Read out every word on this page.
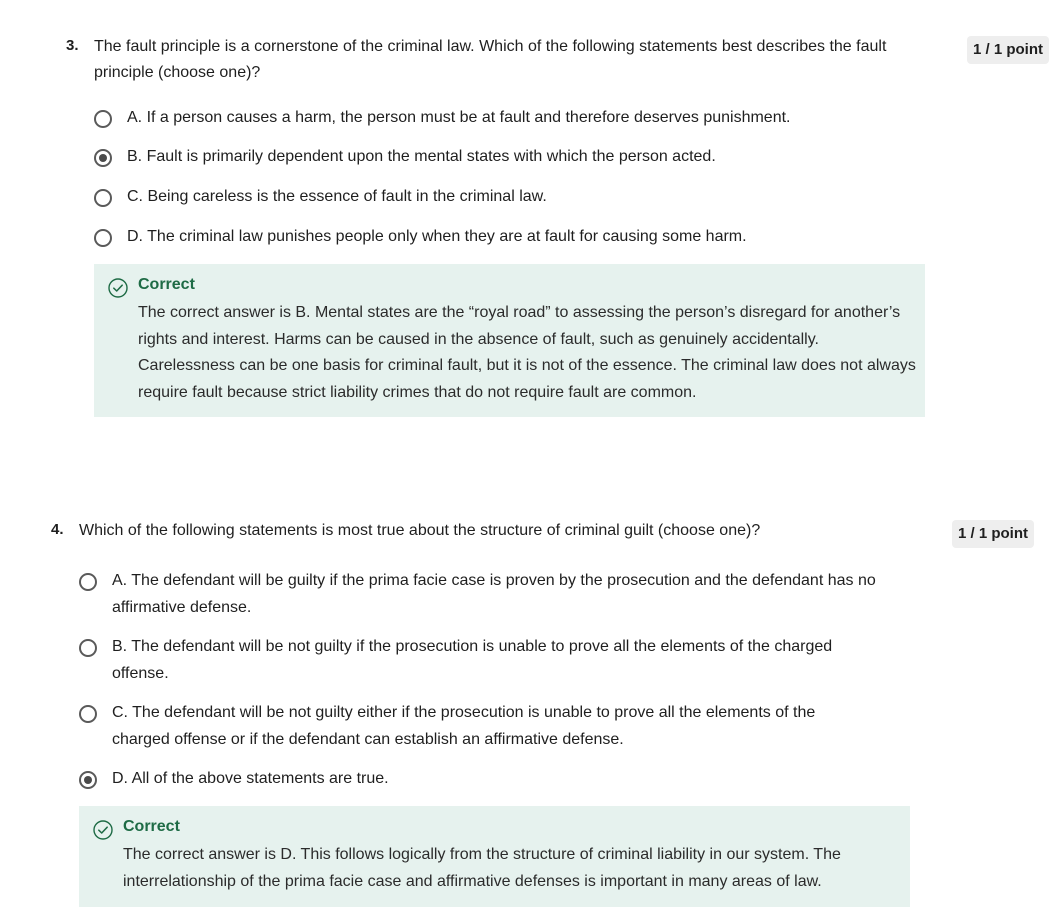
3. The fault principle is a cornerstone of the criminal law. Which of the following statements best describes the fault principle (choose one)?
1 / 1 point
A. If a person causes a harm, the person must be at fault and therefore deserves punishment.
B. Fault is primarily dependent upon the mental states with which the person acted.
C. Being careless is the essence of fault in the criminal law.
D. The criminal law punishes people only when they are at fault for causing some harm.
Correct
The correct answer is B. Mental states are the “royal road” to assessing the person’s disregard for another’s rights and interest. Harms can be caused in the absence of fault, such as genuinely accidentally. Carelessness can be one basis for criminal fault, but it is not of the essence. The criminal law does not always require fault because strict liability crimes that do not require fault are common.
4. Which of the following statements is most true about the structure of criminal guilt (choose one)?	1 / 1 point
A. The defendant will be guilty if the prima facie case is proven by the prosecution and the defendant has no affirmative defense.
B. The defendant will be not guilty if the prosecution is unable to prove all the elements of the charged offense.
C. The defendant will be not guilty either if the prosecution is unable to prove all the elements of the charged offense or if the defendant can establish an affirmative defense.
D. All of the above statements are true.
Correct
The correct answer is D. This follows logically from the structure of criminal liability in our system. The interrelationship of the prima facie case and affirmative defenses is important in many areas of law.
